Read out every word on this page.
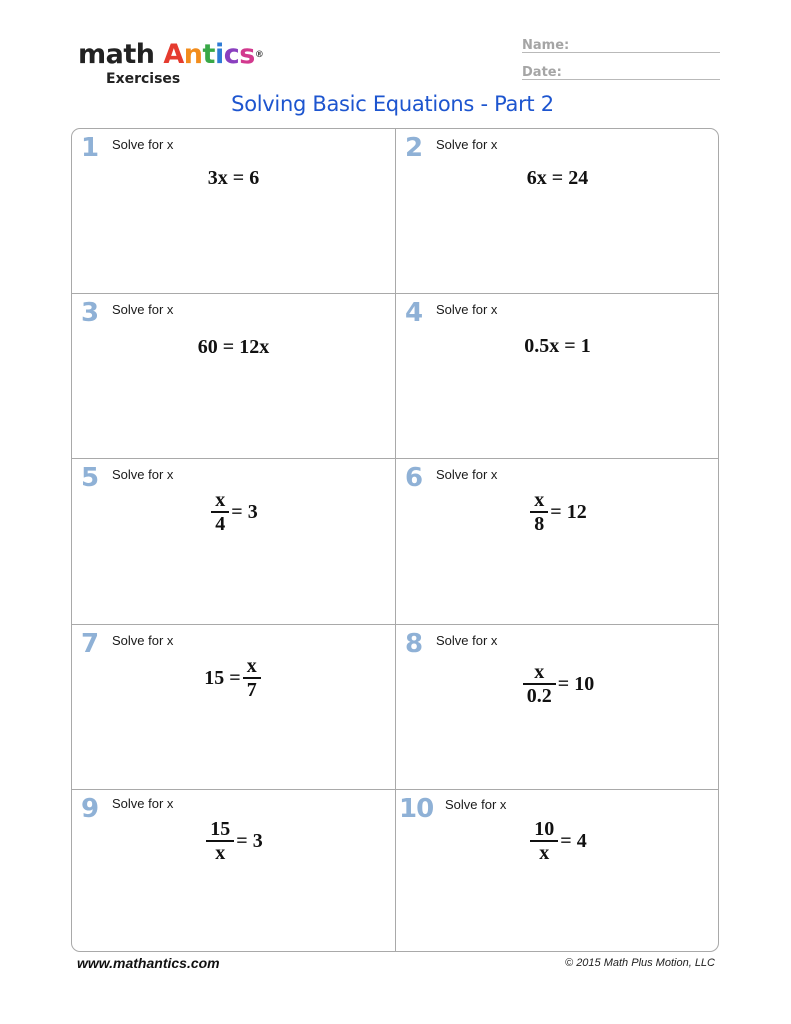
math Antics®
Exercises
Name:
Date:
Solving Basic Equations - Part 2
1 Solve for x
3x = 6
2 Solve for x
6x = 24
3 Solve for x
60 = 12x
4 Solve for x
0.5x = 1
5 Solve for x
$\frac{x}{4} = 3$
6 Solve for x
$\frac{x}{8} = 12$
7 Solve for x
$15 = \frac{x}{7}$
8 Solve for x
$\frac{x}{0.2} = 10$
9 Solve for x
$\frac{15}{x} = 3$
10 Solve for x
$\frac{10}{x} = 4$
www.mathantics.com	© 2015 Math Plus Motion, LLC
